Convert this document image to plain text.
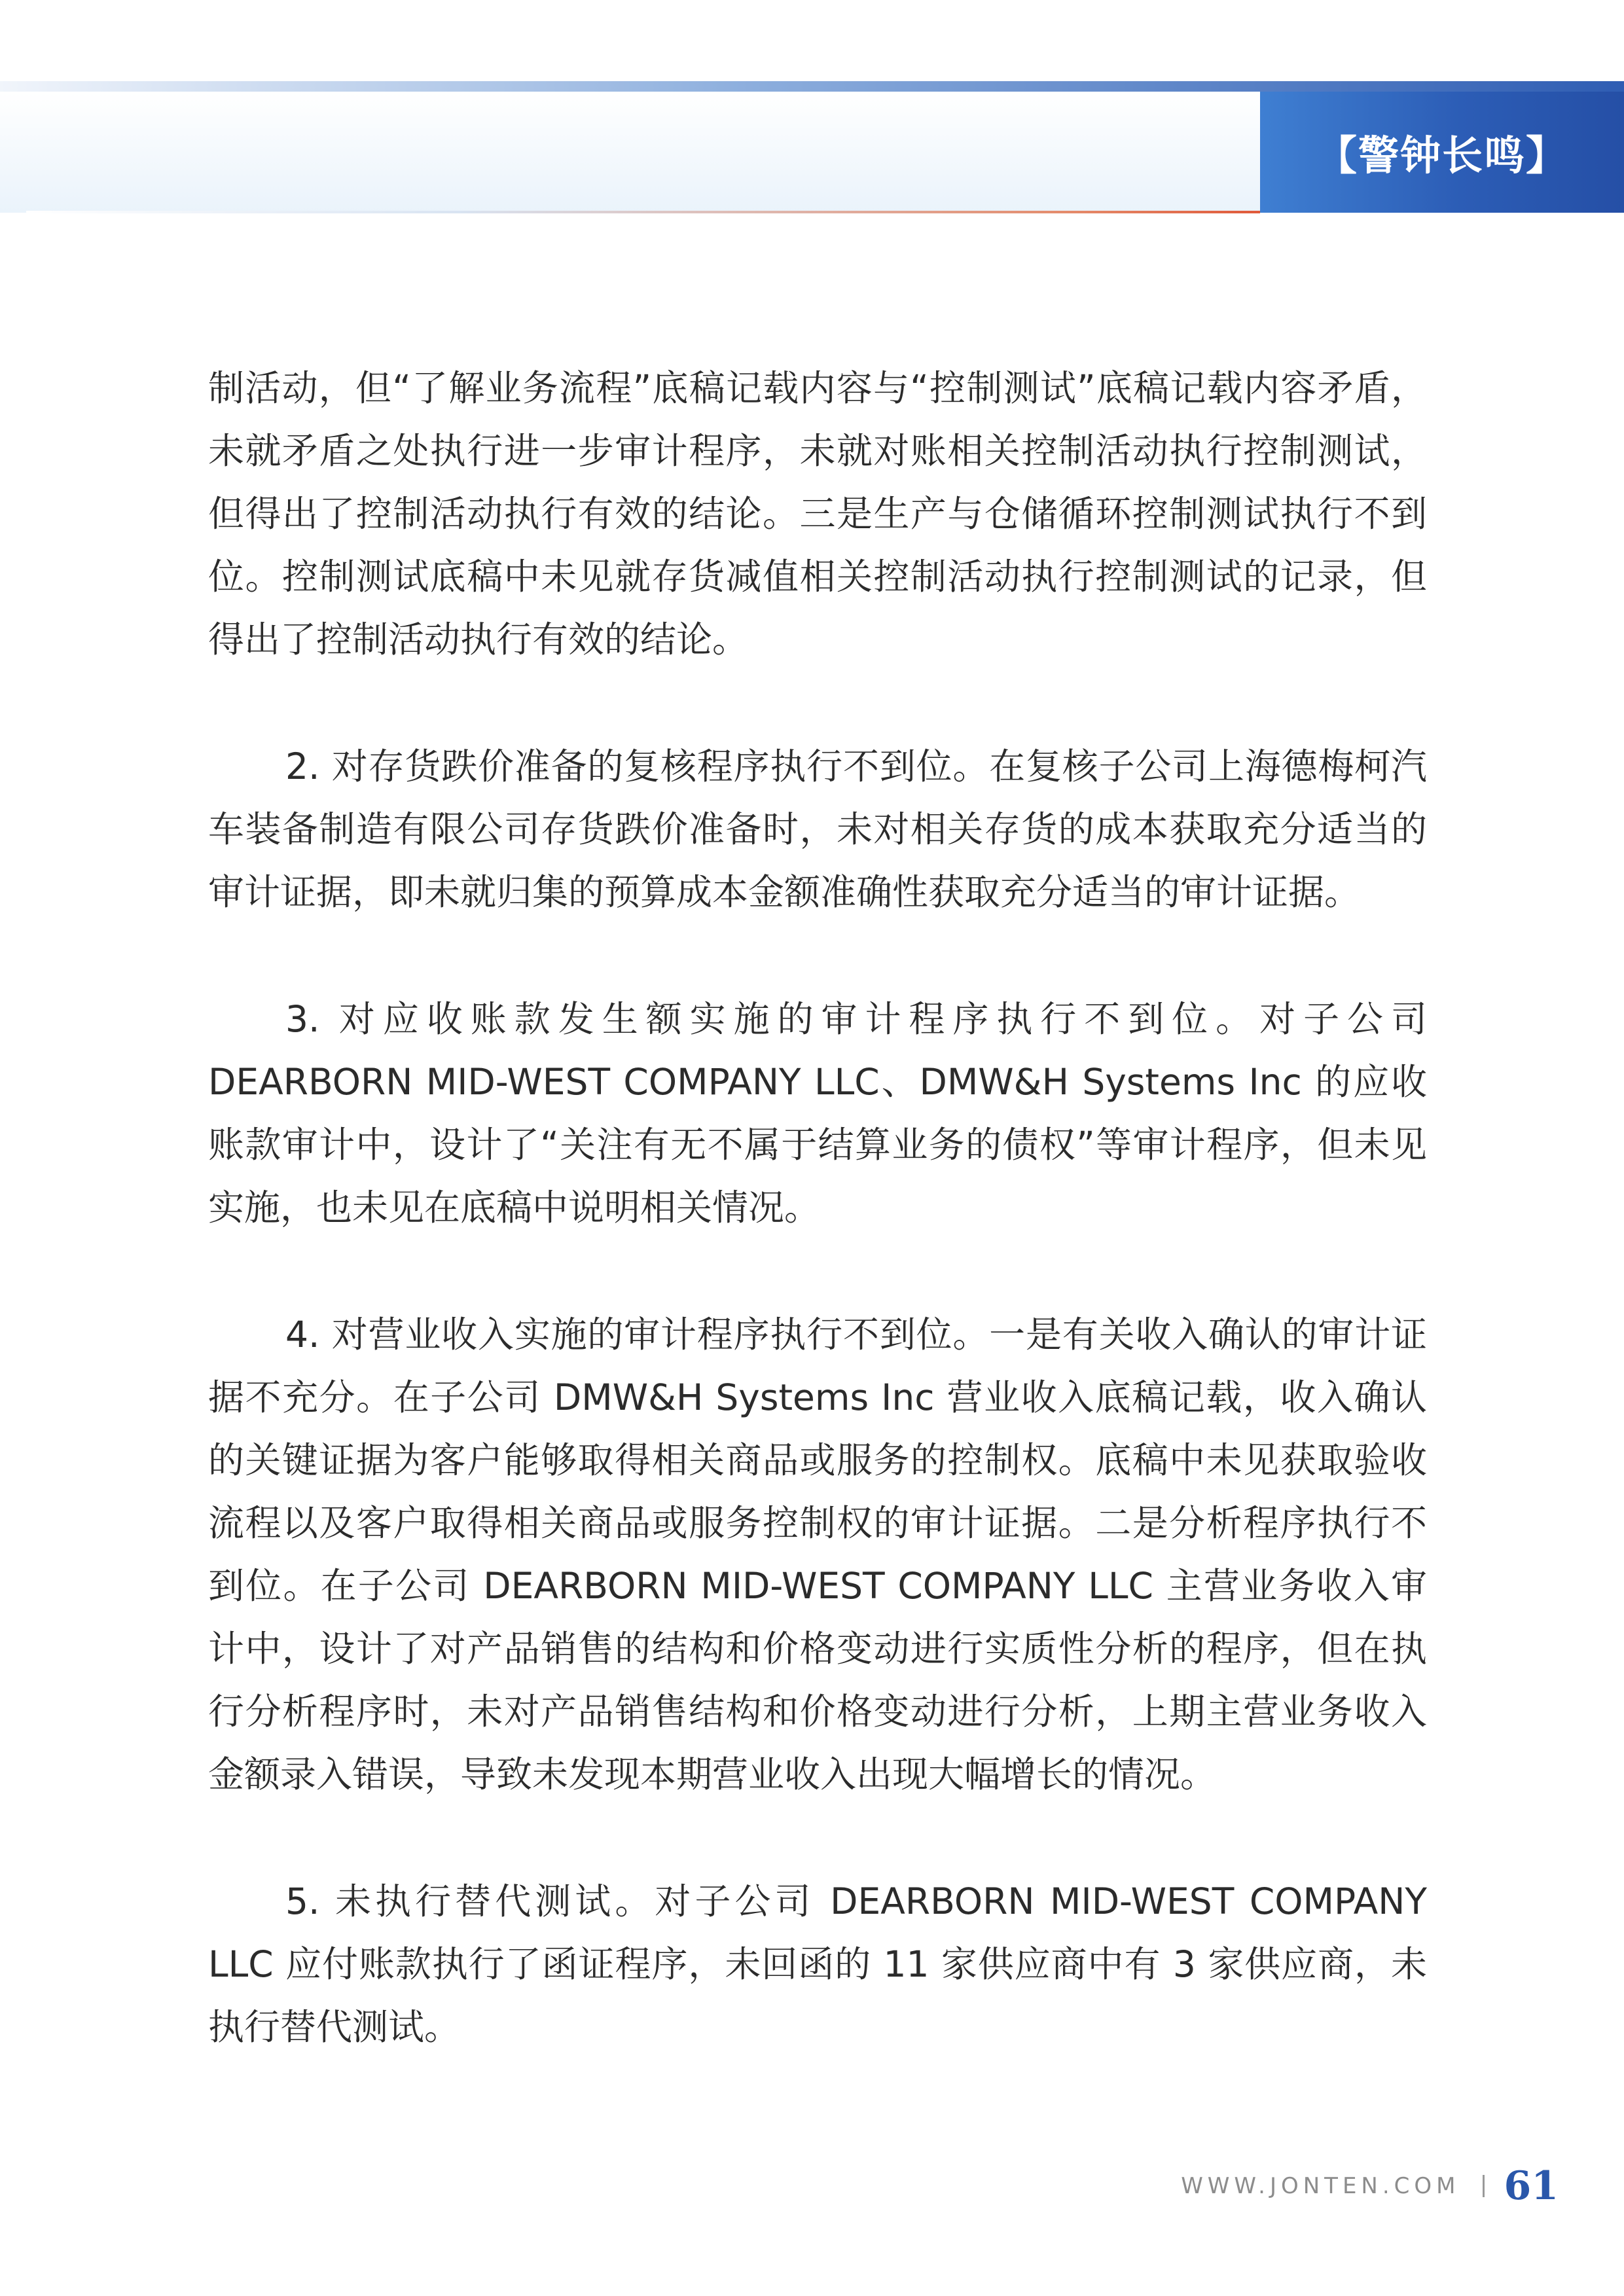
【警钟长鸣】

制活动，但“了解业务流程”底稿记载内容与“控制测试”底稿记载内容矛盾，未就矛盾之处执行进一步审计程序，未就对账相关控制活动执行控制测试，但得出了控制活动执行有效的结论。三是生产与仓储循环控制测试执行不到位。控制测试底稿中未见就存货减值相关控制活动执行控制测试的记录，但得出了控制活动执行有效的结论。

2. 对存货跌价准备的复核程序执行不到位。在复核子公司上海德梅柯汽车装备制造有限公司存货跌价准备时，未对相关存货的成本获取充分适当的审计证据，即未就归集的预算成本金额准确性获取充分适当的审计证据。

3. 对应收账款发生额实施的审计程序执行不到位。对子公司 DEARBORN MID-WEST COMPANY LLC、DMW&H Systems Inc 的应收账款审计中，设计了“关注有无不属于结算业务的债权”等审计程序，但未见实施，也未见在底稿中说明相关情况。

4. 对营业收入实施的审计程序执行不到位。一是有关收入确认的审计证据不充分。在子公司 DMW&H Systems Inc 营业收入底稿记载，收入确认的关键证据为客户能够取得相关商品或服务的控制权。底稿中未见获取验收流程以及客户取得相关商品或服务控制权的审计证据。二是分析程序执行不到位。在子公司 DEARBORN MID-WEST COMPANY LLC 主营业务收入审计中，设计了对产品销售的结构和价格变动进行实质性分析的程序，但在执行分析程序时，未对产品销售结构和价格变动进行分析，上期主营业务收入金额录入错误，导致未发现本期营业收入出现大幅增长的情况。

5. 未执行替代测试。对子公司 DEARBORN MID-WEST COMPANY LLC 应付账款执行了函证程序，未回函的 11 家供应商中有 3 家供应商，未执行替代测试。

WWW.JONTEN.COM 61
